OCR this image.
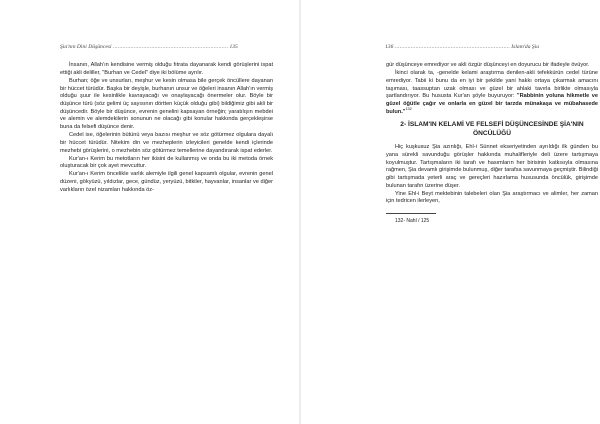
Şia'nın Dini Düşüncesi ........................................................................ 135

İnsanın, Allah'ın kendisine vermiş olduğu fıtrata dayanarak kendi görüşlerini ispat ettiği akli deliller, "Burhan ve Cedel" diye iki bölüme ayrılır.

Burhan; öğe ve unsurları, meşhur ve kesin olmasa bile gerçek öncüllere dayanan bir hüccet türüdür. Başka bir deyişle, burhanın unsur ve öğeleri insanın Allah'ın vermiş olduğu şuur ile kesinlikle kavrayacağı ve onaylayacağı önermeler olur. Böyle bir düşünce türü (söz gelimi üç sayısının dörtten küçük olduğu gibi) bildiğimiz gibi akli bir düşüncedir. Böyle bir düşünce, evrenin genelini kapsayan örneğin; yaratılışın mebdei ve alemin ve alemdekilerin sonunun ne olacağı gibi konular hakkında gerçekleşirse buna da felsefi düşünce denir.

Cedel ise, öğelerinin bütünü veya bazısı meşhur ve söz götürmez olgulara dayalı bir hüccet türüdür. Nitekim din ve mezheplerin izleyicileri genelde kendi içlerinde mezhebi görüşlerini, o mezhebin söz götürmez temellerine dayandırarak ispat ederler.

Kur'an-ı Kerim bu metotların her ikisini de kullanmış ve onda bu iki metoda örnek oluşturacak bir çok ayet mevcuttur.

Kur'an-ı Kerim öncelikle varlık alemiyle ilgili genel kapsamlı olgular, evrenin genel düzeni, gökyüzü, yıldızlar, gece, gündüz, yeryüzü, bitkiler, hayvanlar, insanlar ve diğer varlıkların özel nizamları hakkında öz-

136 ........................................................................ İslam'da Şia

gür düşünceye emrediyor ve akli özgür düşünceyi en doyurucu bir ifadeyle övüyor.

İkinci olarak ta, -genelde kelami araştırma denilen-akli tefekkürün cedel türüne emrediyor. Tabii ki bunu da en iyi bir şekilde yani hakkı ortaya çıkarmak amacını taşıması, taassuptan uzak olması ve güzel bir ahlaki tavırla birlikte olmasıyla şartlandırıyor. Bu hususta Kur'an şöyle buyuruyor: "Rabbinin yoluna hikmetle ve güzel öğütle çağır ve onlarla en güzel bir tarzda münakaşa ve mübahasede bulun."$^{132}$

2- İSLAM'IN KELAMİ VE FELSEFİ DÜŞÜNCESİNDE ŞİA'NIN ÖNCÜLÜĞÜ

Hiç kuşkusuz Şia azınlığı, Ehl-i Sünnet ekseriyetinden ayrıldığı ilk günden bu yana sürekli savunduğu görüşler hakkında muhalifleriyle deli üzere tartışmaya koyulmuştur. Tartışmaların iki tarafı ve hasımların her birisinin katkısıyla olmasına rağmen, Şia devamlı girişimde bulunmuş, diğer tarafsa savunmaya geçmiştir. Bilindiği gibi tartışmada yeterli araç ve gereçleri hazırlama hususunda öncülük, girişimde bulunan tarafın üzerine düşer.

Yine Ehl-i Beyt mektebinin talebeleri olan Şia araştırmacı ve alimler, her zaman için tedricen ilerleyen,

132- Nahl / 125
